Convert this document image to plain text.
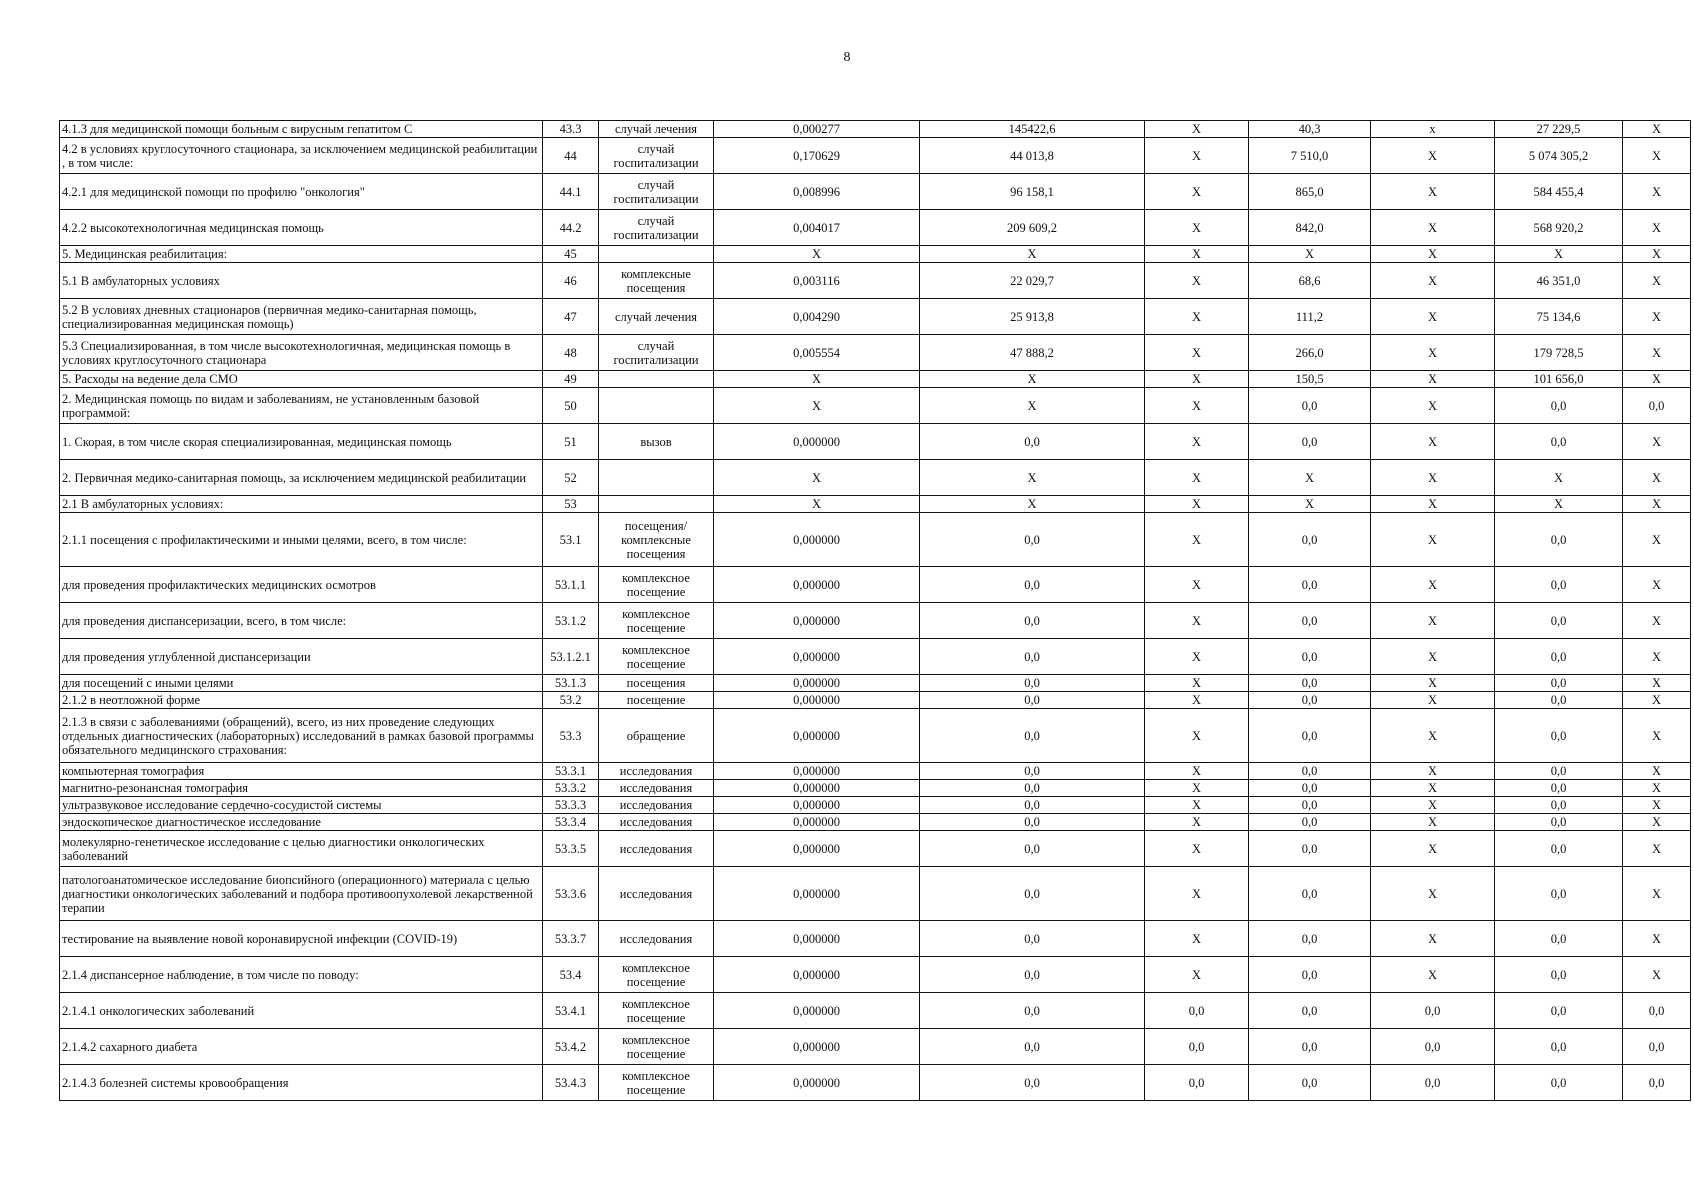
8
4.1.3 для медицинской помощи больным с вирусным гепатитом С	43.3	случай лечения	0,000277	145422,6	X	40,3	x	27 229,5	X
4.2 в условиях круглосуточного стационара, за исключением медицинской реабилитации , в том числе:	44	случай госпитализации	0,170629	44 013,8	X	7 510,0	X	5 074 305,2	X
4.2.1 для медицинской помощи по профилю "онкология"	44.1	случай госпитализации	0,008996	96 158,1	X	865,0	X	584 455,4	X
4.2.2 высокотехнологичная медицинская помощь	44.2	случай госпитализации	0,004017	209 609,2	X	842,0	X	568 920,2	X
5. Медицинская реабилитация:	45		X	X	X	X	X	X	X
5.1 В амбулаторных условиях	46	комплексные посещения	0,003116	22 029,7	X	68,6	X	46 351,0	X
5.2 В условиях дневных стационаров (первичная медико-санитарная помощь, специализированная медицинская помощь)	47	случай лечения	0,004290	25 913,8	X	111,2	X	75 134,6	X
5.3 Специализированная, в том числе высокотехнологичная, медицинская помощь в условиях круглосуточного стационара	48	случай госпитализации	0,005554	47 888,2	X	266,0	X	179 728,5	X
5. Расходы на ведение дела СМО	49		X	X	X	150,5	X	101 656,0	X
2. Медицинская помощь по видам и заболеваниям, не установленным базовой программой:	50		X	X	X	0,0	X	0,0	0,0
1. Скорая, в том числе скорая специализированная, медицинская помощь	51	вызов	0,000000	0,0	X	0,0	X	0,0	X
2. Первичная медико-санитарная помощь, за исключением медицинской реабилитации	52		X	X	X	X	X	X	X
2.1 В амбулаторных условиях:	53		X	X	X	X	X	X	X
2.1.1 посещения с профилактическими и иными целями, всего, в том числе:	53.1	посещения/комплексные посещения	0,000000	0,0	X	0,0	X	0,0	X
для проведения профилактических медицинских осмотров	53.1.1	комплексное посещение	0,000000	0,0	X	0,0	X	0,0	X
для проведения диспансеризации, всего, в том числе:	53.1.2	комплексное посещение	0,000000	0,0	X	0,0	X	0,0	X
для проведения углубленной диспансеризации	53.1.2.1	комплексное посещение	0,000000	0,0	X	0,0	X	0,0	X
для посещений с иными целями	53.1.3	посещения	0,000000	0,0	X	0,0	X	0,0	X
2.1.2 в неотложной форме	53.2	посещение	0,000000	0,0	X	0,0	X	0,0	X
2.1.3 в связи с заболеваниями (обращений), всего, из них проведение следующих отдельных диагностических (лабораторных) исследований в рамках базовой программы обязательного медицинского страхования:	53.3	обращение	0,000000	0,0	X	0,0	X	0,0	X
компьютерная томография	53.3.1	исследования	0,000000	0,0	X	0,0	X	0,0	X
магнитно-резонансная томография	53.3.2	исследования	0,000000	0,0	X	0,0	X	0,0	X
ультразвуковое исследование сердечно-сосудистой системы	53.3.3	исследования	0,000000	0,0	X	0,0	X	0,0	X
эндоскопическое диагностическое исследование	53.3.4	исследования	0,000000	0,0	X	0,0	X	0,0	X
молекулярно-генетическое исследование с целью диагностики онкологических заболеваний	53.3.5	исследования	0,000000	0,0	X	0,0	X	0,0	X
патологоанатомическое исследование биопсийного (операционного) материала с целью диагностики онкологических заболеваний и подбора противоопухолевой лекарственной терапии	53.3.6	исследования	0,000000	0,0	X	0,0	X	0,0	X
тестирование на выявление новой коронавирусной инфекции (COVID-19)	53.3.7	исследования	0,000000	0,0	X	0,0	X	0,0	X
2.1.4 диспансерное наблюдение, в том числе по поводу:	53.4	комплексное посещение	0,000000	0,0	X	0,0	X	0,0	X
2.1.4.1 онкологических заболеваний	53.4.1	комплексное посещение	0,000000	0,0	0,0	0,0	0,0	0,0	0,0
2.1.4.2 сахарного диабета	53.4.2	комплексное посещение	0,000000	0,0	0,0	0,0	0,0	0,0	0,0
2.1.4.3 болезней системы кровообращения	53.4.3	комплексное посещение	0,000000	0,0	0,0	0,0	0,0	0,0	0,0
